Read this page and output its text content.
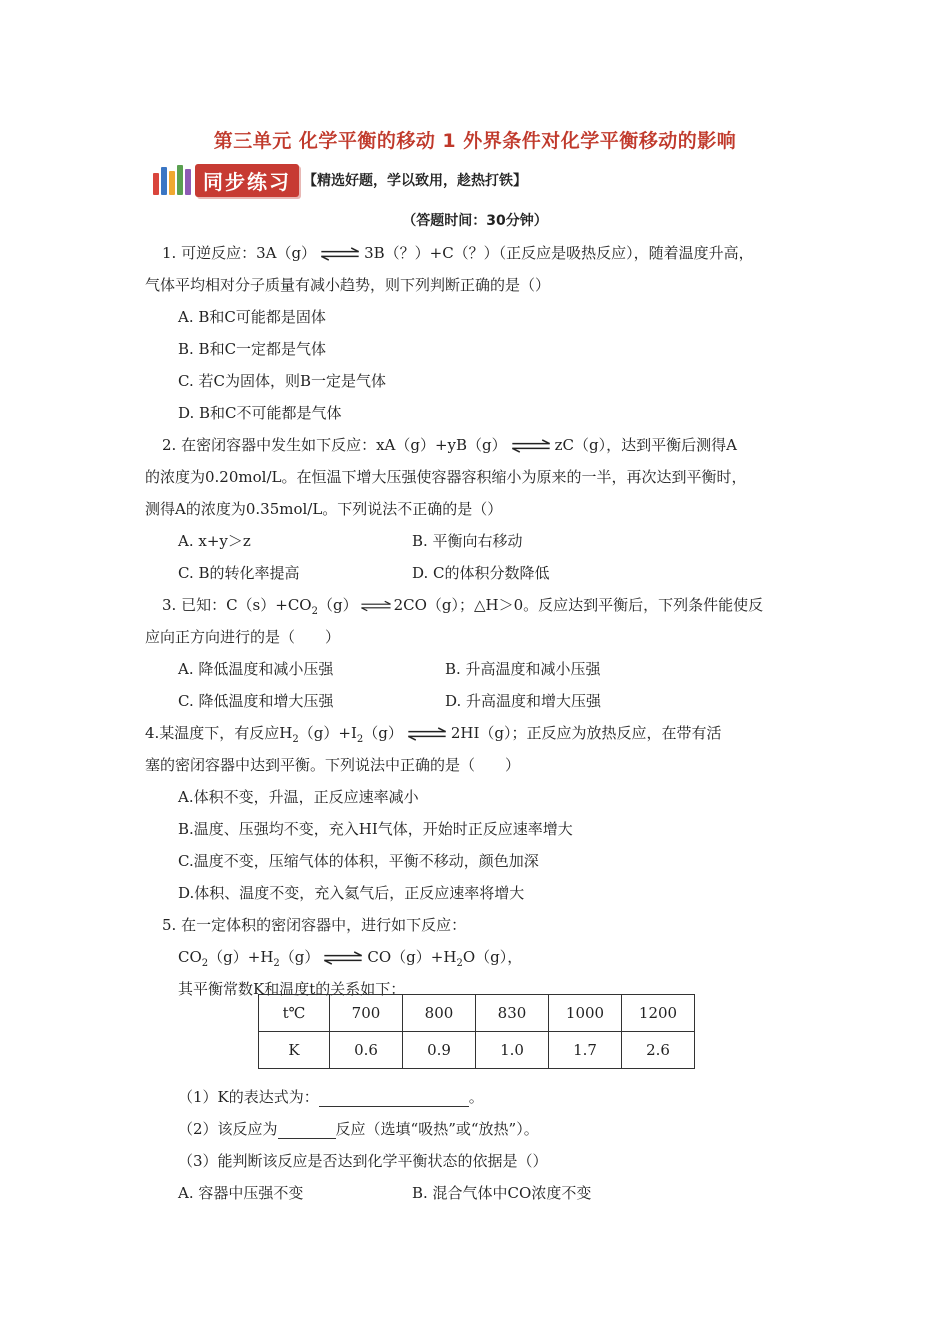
第三单元 化学平衡的移动 1 外界条件对化学平衡移动的影响
同步练习 【精选好题，学以致用，趁热打铁】
（答题时间：30分钟）
1. 可逆反应：3A（g）	3B（？）+C（？）（正反应是吸热反应），随着温度升高，
气体平均相对分子质量有减小趋势，则下列判断正确的是（）
A. B和C可能都是固体
B. B和C一定都是气体
C. 若C为固体，则B一定是气体
D. B和C不可能都是气体
2. 在密闭容器中发生如下反应：xA（g）+yB（g）	zC（g），达到平衡后测得A
的浓度为0.20mol/L。在恒温下增大压强使容器容积缩小为原来的一半，再次达到平衡时，
测得A的浓度为0.35mol/L。下列说法不正确的是（）
A. x+y＞z	B. 平衡向右移动
C. B的转化率提高	D. C的体积分数降低
3. 已知：$C(s)+CO_2(g)$ 2CO（g）；△H＞0。反应达到平衡后，下列条件能使反
应向正方向进行的是（　　）
A. 降低温度和减小压强	B. 升高温度和减小压强
C. 降低温度和增大压强	D. 升高温度和增大压强
4.某温度下，有反应$H_2(g)+I_2(g)$	2HI（g）；正反应为放热反应，在带有活
塞的密闭容器中达到平衡。下列说法中正确的是（　　）
A.体积不变，升温，正反应速率减小
B.温度、压强均不变，充入HI气体，开始时正反应速率增大
C.温度不变，压缩气体的体积，平衡不移动，颜色加深
D.体积、温度不变，充入氦气后，正反应速率将增大
5. 在一定体积的密闭容器中，进行如下反应：
$CO_2(g)+H_2(g)$	$CO(g)+H_2O(g)$，
其平衡常数K和温度t的关系如下：
t℃	700	800	830	1000	1200
K	0.6	0.9	1.0	1.7	2.6
（1）K的表达式为：	。
（2）该反应为	反应（选填“吸热”或“放热”）。
（3）能判断该反应是否达到化学平衡状态的依据是（）
A. 容器中压强不变	B. 混合气体中CO浓度不变
